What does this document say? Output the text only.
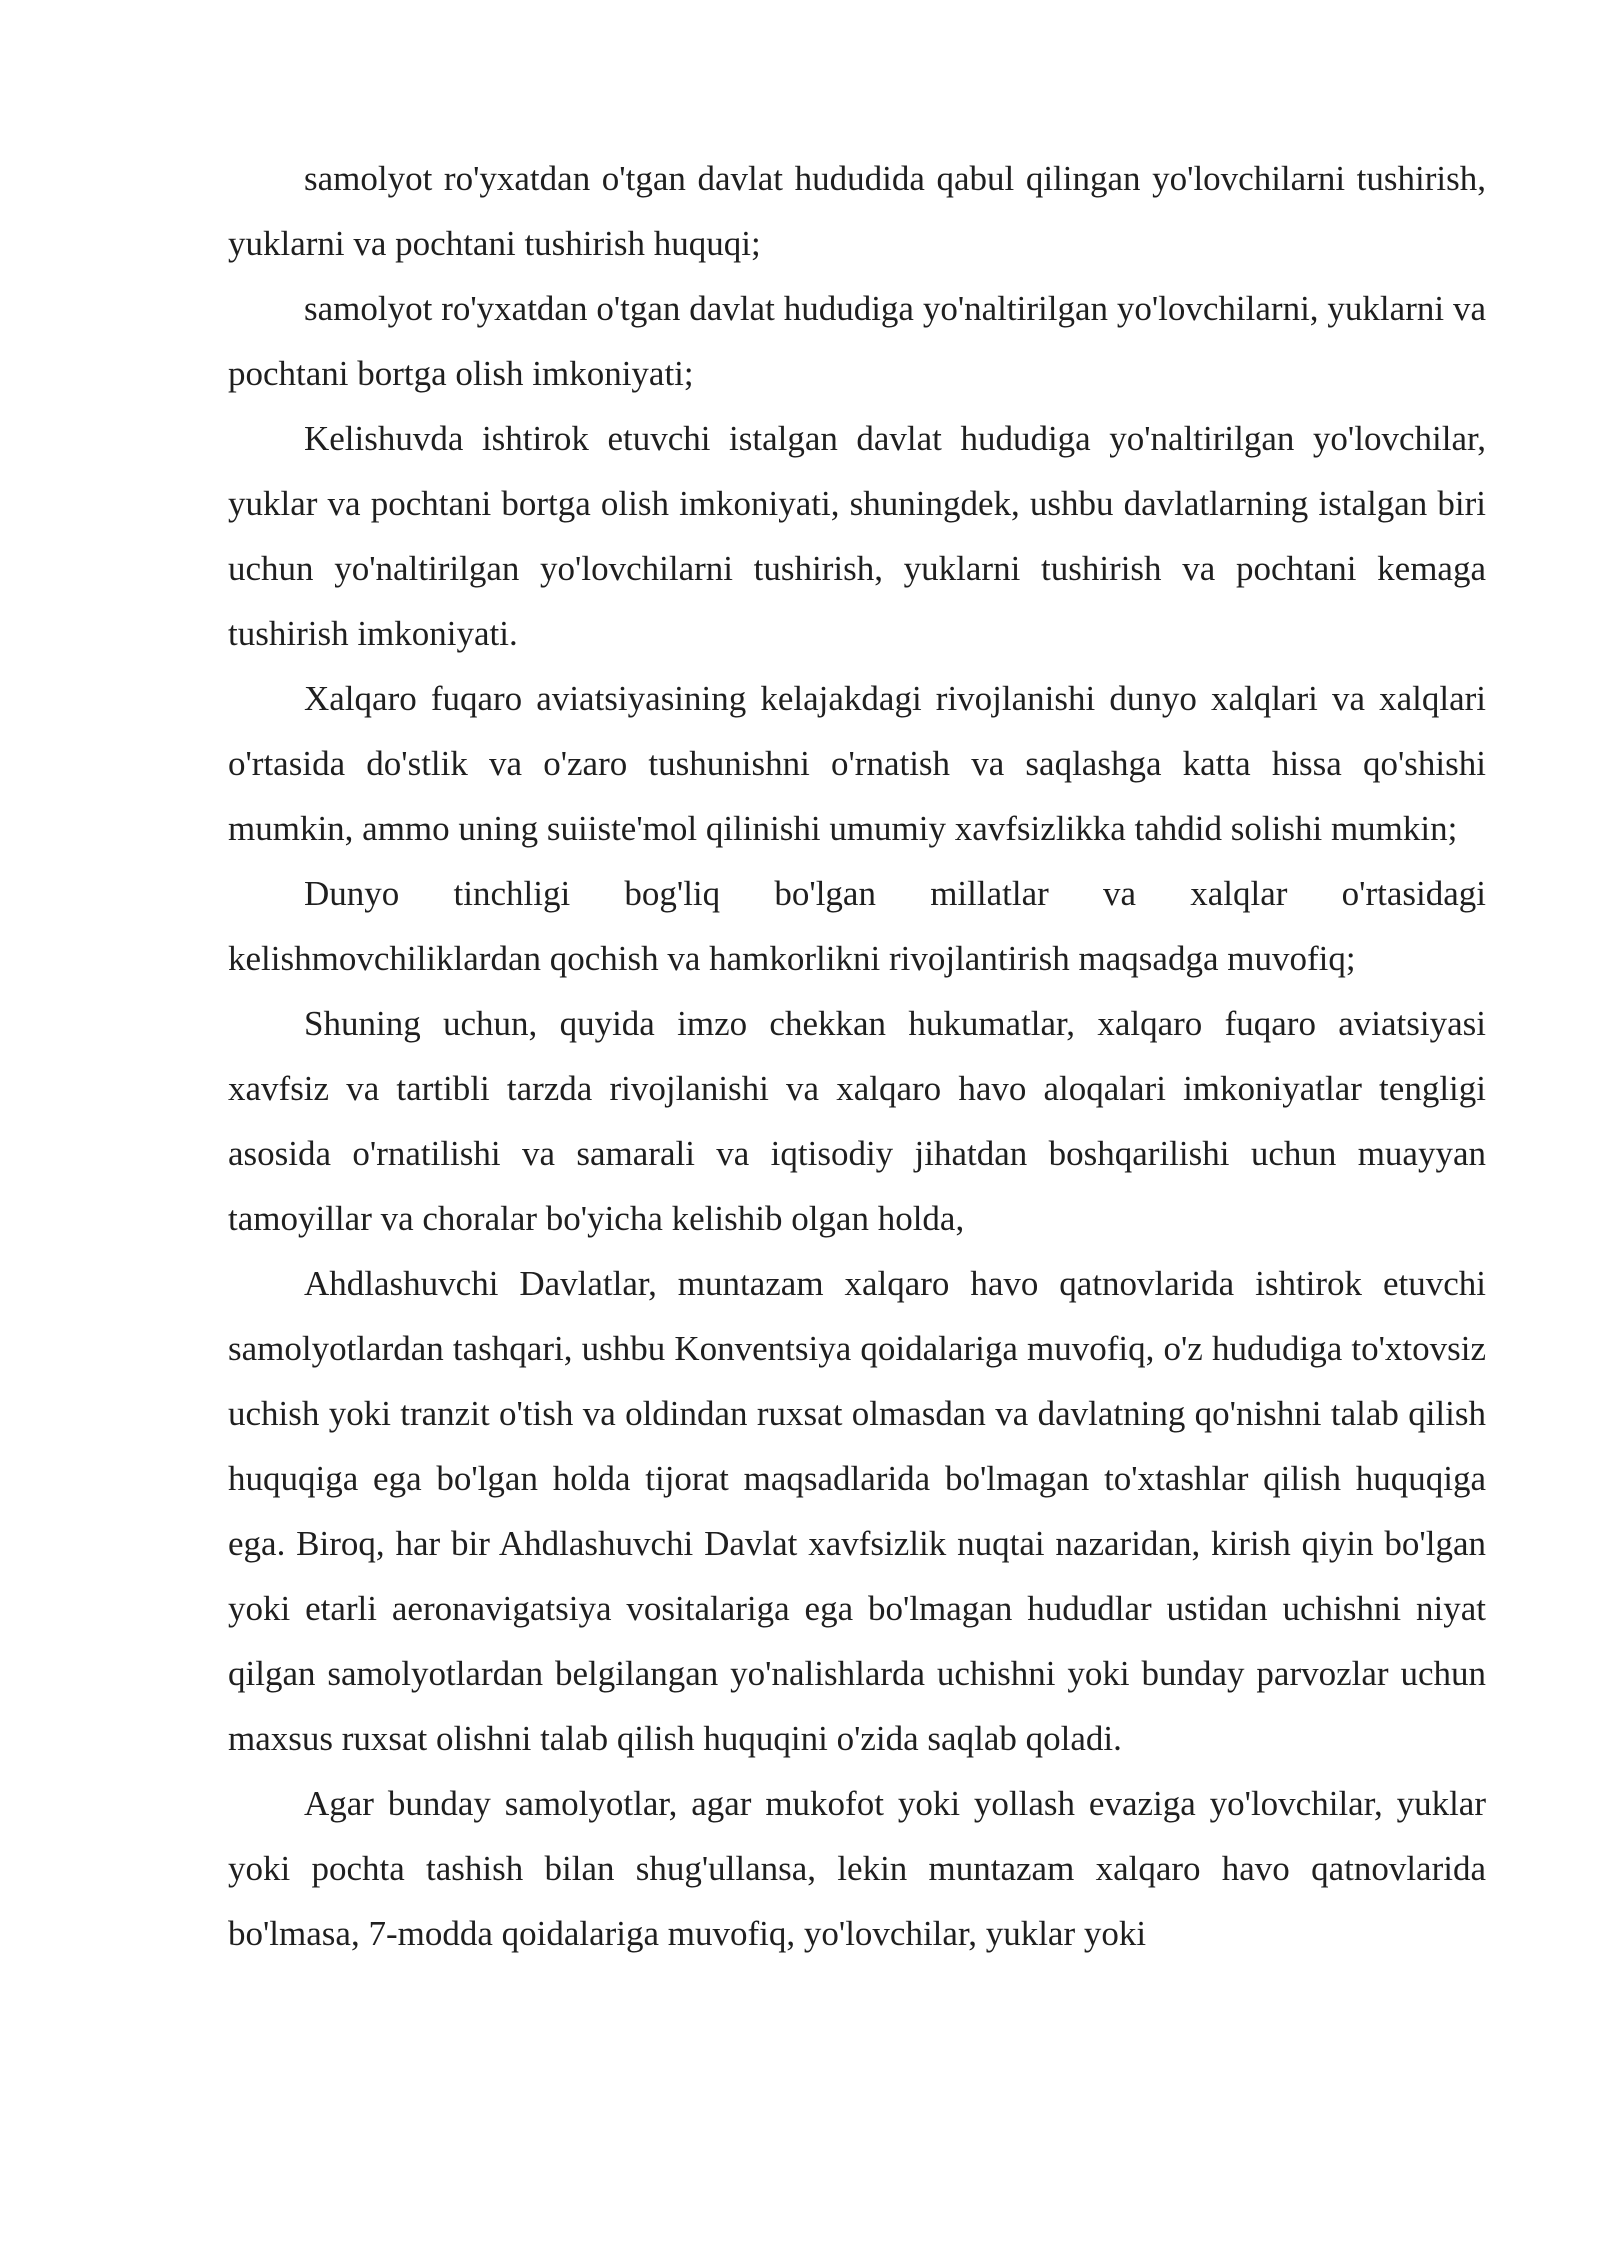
samolyot ro'yxatdan o'tgan davlat hududida qabul qilingan yo'lovchilarni tushirish, yuklarni va pochtani tushirish huquqi;

samolyot ro'yxatdan o'tgan davlat hududiga yo'naltirilgan yo'lovchilarni, yuklarni va pochtani bortga olish imkoniyati;

Kelishuvda ishtirok etuvchi istalgan davlat hududiga yo'naltirilgan yo'lovchilar, yuklar va pochtani bortga olish imkoniyati, shuningdek, ushbu davlatlarning istalgan biri uchun yo'naltirilgan yo'lovchilarni tushirish, yuklarni tushirish va pochtani kemaga tushirish imkoniyati.

Xalqaro fuqaro aviatsiyasining kelajakdagi rivojlanishi dunyo xalqlari va xalqlari o'rtasida do'stlik va o'zaro tushunishni o'rnatish va saqlashga katta hissa qo'shishi mumkin, ammo uning suiiste'mol qilinishi umumiy xavfsizlikka tahdid solishi mumkin;

Dunyo tinchligi bog'liq bo'lgan millatlar va xalqlar o'rtasidagi kelishmovchiliklardan qochish va hamkorlikni rivojlantirish maqsadga muvofiq;

Shuning uchun, quyida imzo chekkan hukumatlar, xalqaro fuqaro aviatsiyasi xavfsiz va tartibli tarzda rivojlanishi va xalqaro havo aloqalari imkoniyatlar tengligi asosida o'rnatilishi va samarali va iqtisodiy jihatdan boshqarilishi uchun muayyan tamoyillar va choralar bo'yicha kelishib olgan holda,

Ahdlashuvchi Davlatlar, muntazam xalqaro havo qatnovlarida ishtirok etuvchi samolyotlardan tashqari, ushbu Konventsiya qoidalariga muvofiq, o'z hududiga to'xtovsiz uchish yoki tranzit o'tish va oldindan ruxsat olmasdan va davlatning qo'nishni talab qilish huquqiga ega bo'lgan holda tijorat maqsadlarida bo'lmagan to'xtashlar qilish huquqiga ega. Biroq, har bir Ahdlashuvchi Davlat xavfsizlik nuqtai nazaridan, kirish qiyin bo'lgan yoki etarli aeronavigatsiya vositalariga ega bo'lmagan hududlar ustidan uchishni niyat qilgan samolyotlardan belgilangan yo'nalishlarda uchishni yoki bunday parvozlar uchun maxsus ruxsat olishni talab qilish huquqini o'zida saqlab qoladi.

Agar bunday samolyotlar, agar mukofot yoki yollash evaziga yo'lovchilar, yuklar yoki pochta tashish bilan shug'ullansa, lekin muntazam xalqaro havo qatnovlarida bo'lmasa, 7-modda qoidalariga muvofiq, yo'lovchilar, yuklar yoki
